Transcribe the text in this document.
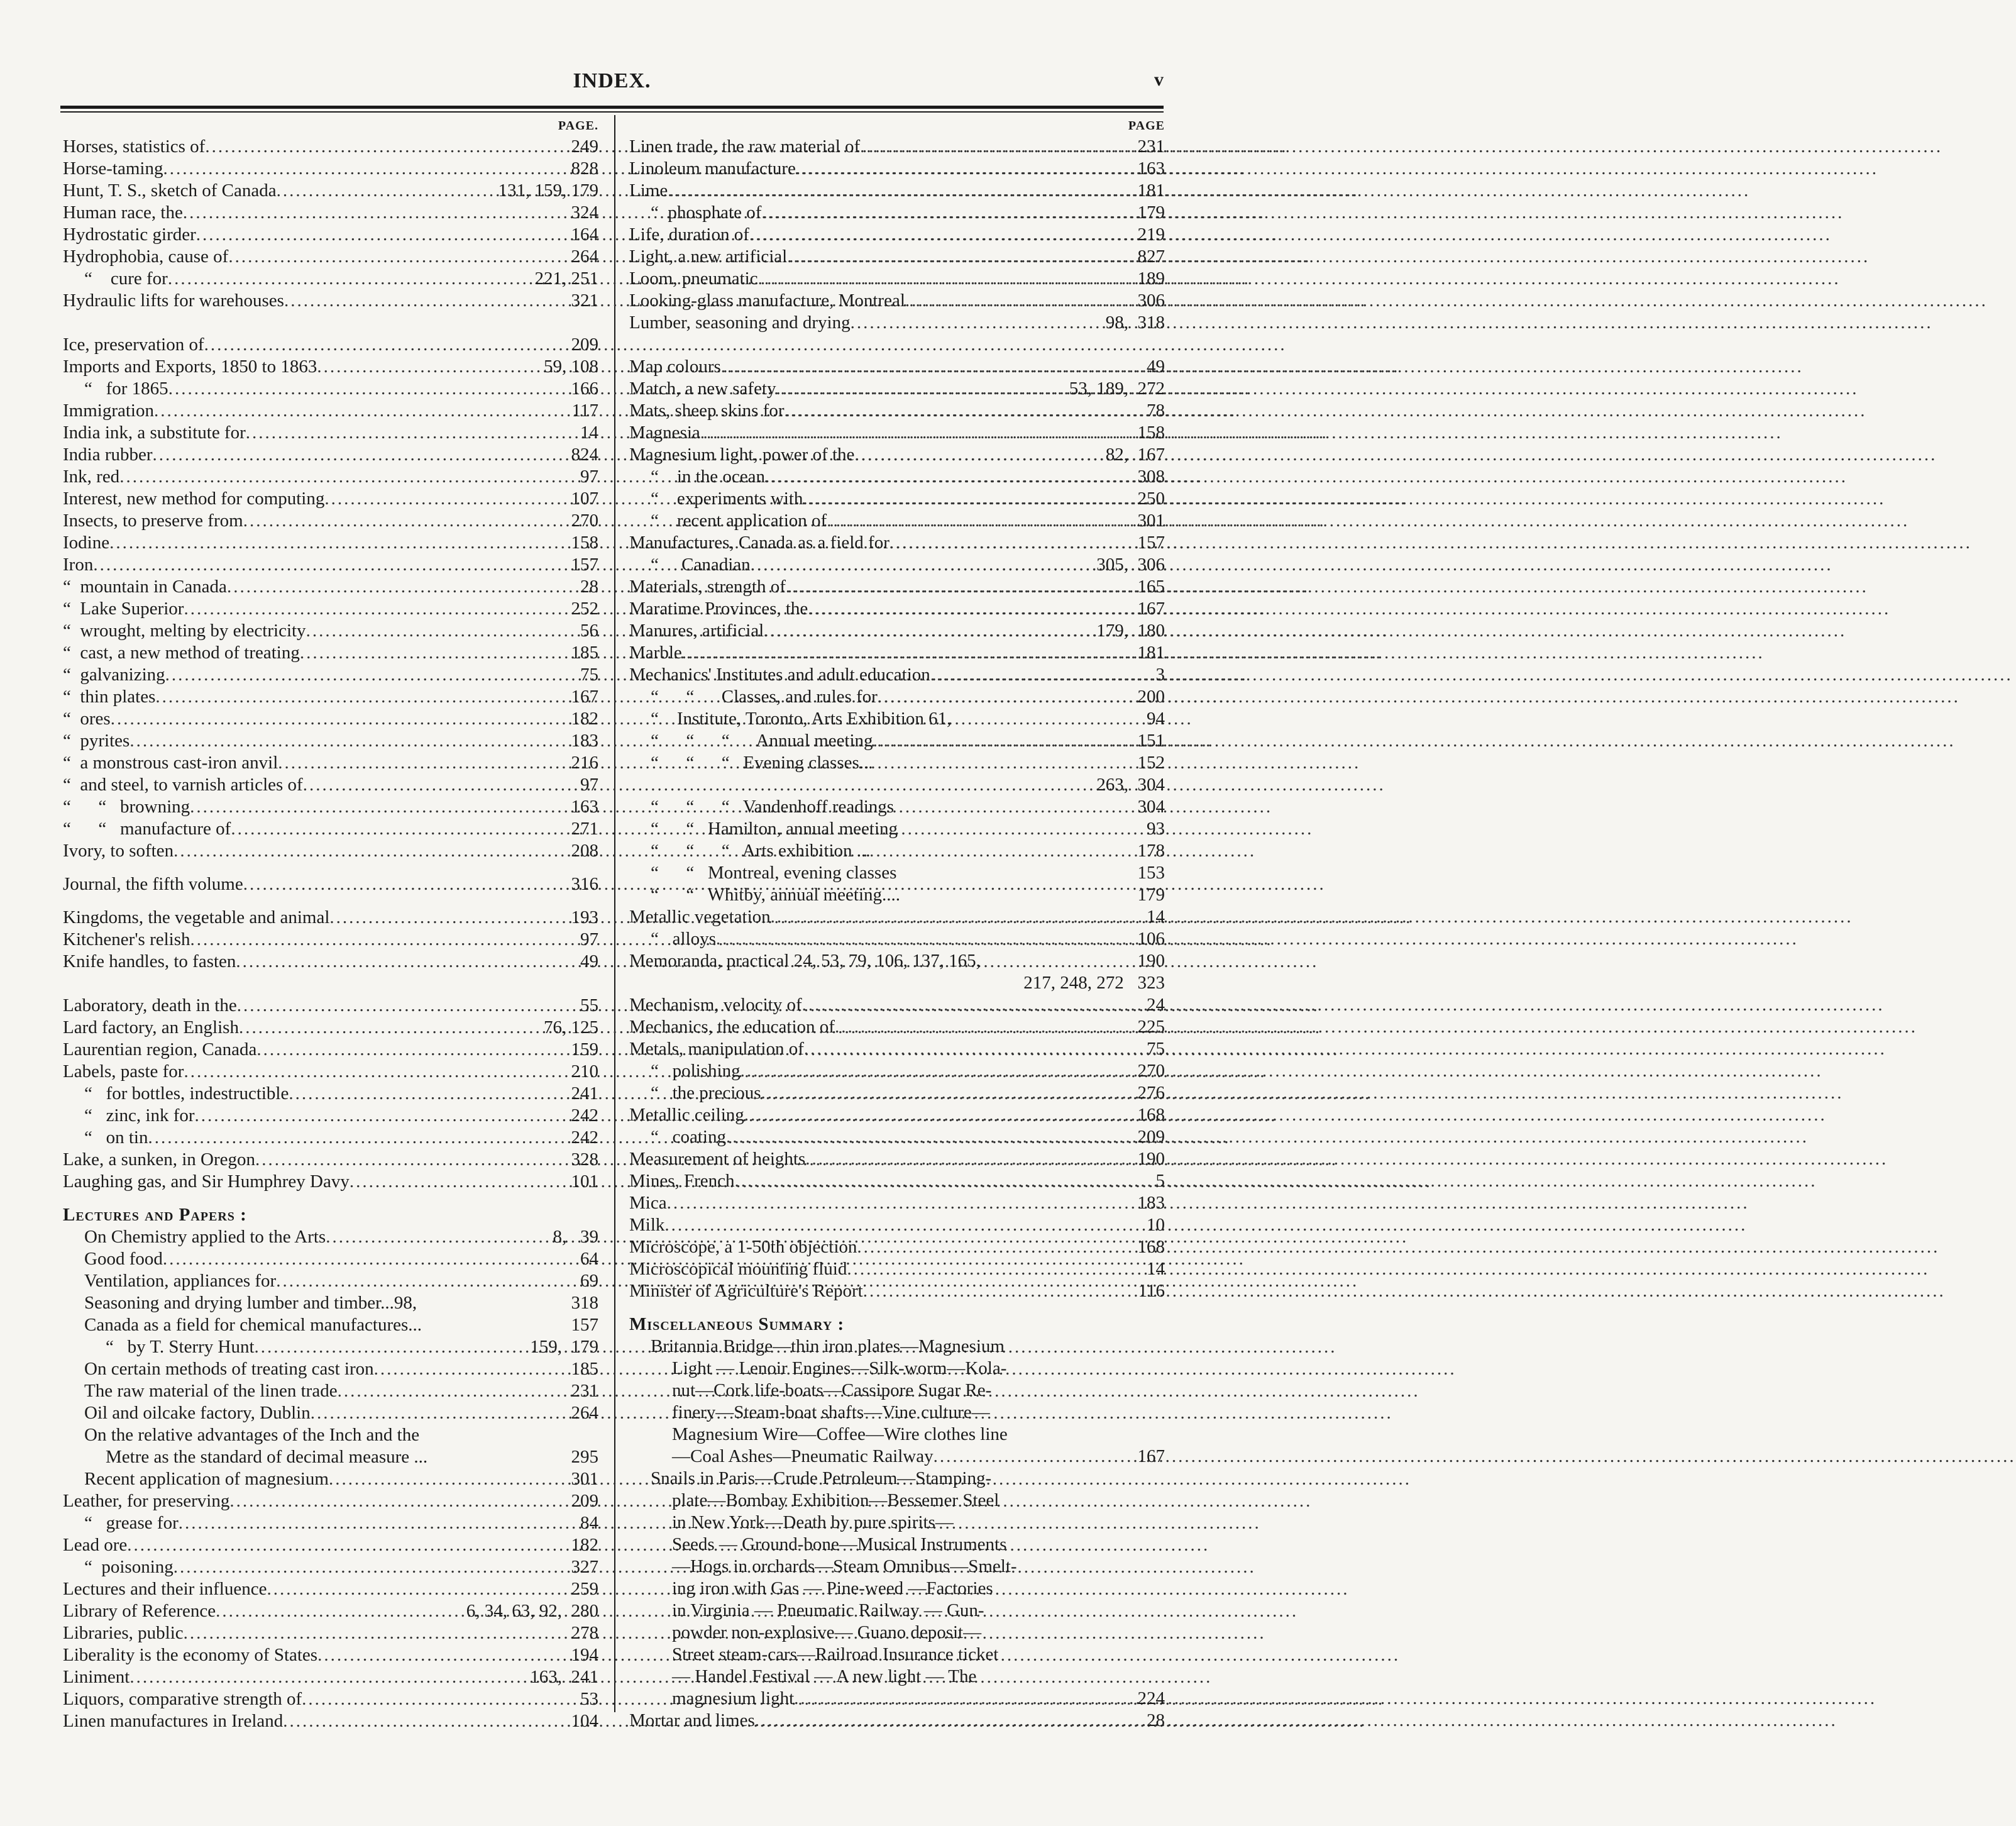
INDEX.	v
PAGE.
Horses, statistics of .....	249
Horse-taming .....	828
Hunt, T. S., sketch of Canada .....	131, 159, 179
Human race, the .....	324
Hydrostatic girder .....	164
Hydrophobia, cause of .....	264
“    cure for .....	221, 251
Hydraulic lifts for warehouses .....	321
Ice, preservation of .....	209
Imports and Exports, 1850 to 1863 .....	59, 108
“   for 1865 .....	166
Immigration .....	117
India ink, a substitute for .....	14
India rubber .....	824
Ink, red .....	97
Interest, new method for computing .....	107
Insects, to preserve from .....	270
Iodine .....	158
Iron .....	157
“  mountain in Canada .....	28
“  Lake Superior .....	252
“  wrought, melting by electricity .....	56
“  cast, a new method of treating .....	185
“  galvanizing .....	75
“  thin plates .....	167
“  ores .....	182
“  pyrites .....	183
“  a monstrous cast-iron anvil .....	216
“  and steel, to varnish articles of .....	97
“      “   browning .....	163
“      “   manufacture of .....	271
Ivory, to soften .....	208
Journal, the fifth volume .....	316
Kingdoms, the vegetable and animal .....	193
Kitchener's relish .....	97
Knife handles, to fasten .....	49
Laboratory, death in the .....	55
Lard factory, an English .....	76, 125
Laurentian region, Canada .....	159
Labels, paste for .....	210
“   for bottles, indestructible .....	241
“   zinc, ink for .....	242
“   on tin .....	242
Lake, a sunken, in Oregon .....	328
Laughing gas, and Sir Humphrey Davy .....	101
Lectures and Papers :
On Chemistry applied to the Arts .....	8,   39
Good food .....	64
Ventilation, appliances for .....	69
Seasoning and drying lumber and timber...98,	318
Canada as a field for chemical manufactures...	157
“   by T. Sterry Hunt .....	159,  179
On certain methods of treating cast iron .....	185
The raw material of the linen trade .....	231
Oil and oilcake factory, Dublin .....	264
On the relative advantages of the Inch and the
Metre as the standard of decimal measure ...	295
Recent application of magnesium .....	301
Leather, for preserving .....	209
“   grease for .....	84
Lead ore .....	182
“  poisoning .....	327
Lectures and their influence .....	259
Library of Reference .....	6, 34, 63, 92,  280
Libraries, public .....	278
Liberality is the economy of States .....	194
Liniment .....	163,  241
Liquors, comparative strength of .....	53
Linen manufactures in Ireland .....	104
PAGE
Linen trade, the raw material of .....	231
Linoleum manufacture .....	163
Lime .....	181
“  phosphate of .....	179
Life, duration of .....	219
Light, a new artificial .....	827
Loom, pneumatic .....	189
Looking-glass manufacture, Montreal .....	306
Lumber, seasoning and drying .....	98,  318
Map colours .....	49
Match, a new safety .....	53, 189,  272
Mats, sheep skins for .....	78
Magnesia .....	158
Magnesium light, power of the .....	82,  167
“    in the ocean .....	308
“    experiments with .....	250
“    recent application of .....	301
Manufactures, Canada as a field for .....	157
“     Canadian .....	305,  306
Materials, strength of .....	165
Maratime Provinces, the .....	167
Manures, artificial .....	179,  180
Marble .....	181
Mechanics' Institutes and adult education .....	3
“      “      Classes, and rules for .....	200
“    Institute, Toronto, Arts Exhibition 61,	94
“      “      “      Annual meeting .....	151
“      “      “   Evening classes...	152
263,  304
“      “      “   Vandenhoff readings	304
“      “   Hamilton, annual meeting	93
“      “      “   Arts exhibition ...	178
“      “   Montreal, evening classes	153
“      “   Whitby, annual meeting....	179
Metallic vegetation .....	14
“   alloys .....	106
Memoranda, practical 24, 53, 79, 106, 137, 165,	190
217, 248, 272   323
Mechanism, velocity of .....	24
Mechanics, the education of .....	225
Metals, manipulation of .....	75
“   polishing .....	270
“   the precious .....	276
Metallic ceiling .....	168
“   coating .....	209
Measurement of heights .....	190
Mines, French .....	5
Mica .....	183
Milk .....	10
Microscope, a 1-50th objection .....	168
Microscopical mounting fluid .....	14
Minister of Agriculture's Report .....	116
Miscellaneous Summary :
Britannia Bridge—thin iron plates—Magnesium
Light — Lenoir Engines—Silk-worm—Kola-
nut—Cork life-boats—Cassipore Sugar Re-
finery—Steam-boat shafts—Vine culture—
Magnesium Wire—Coffee—Wire clothes line
—Coal Ashes—Pneumatic Railway .....	167
Snails in Paris—Crude Petroleum—Stamping-
plate—Bombay Exhibition—Bessemer Steel
in New York—Death by pure spirits—
Seeds — Ground-bone—Musical Instruments
—Hogs in orchards—Steam Omnibus—Smelt-
ing iron with Gas — Pine-weed —Factories
in Virginia — Pneumatic Railway — Gun-
powder non-explosive— Guano deposit—
Street steam-cars—Railroad Insurance ticket
— Handel Festival — A new light — The
magnesium light .....	224
Mortar and limes .....	28
